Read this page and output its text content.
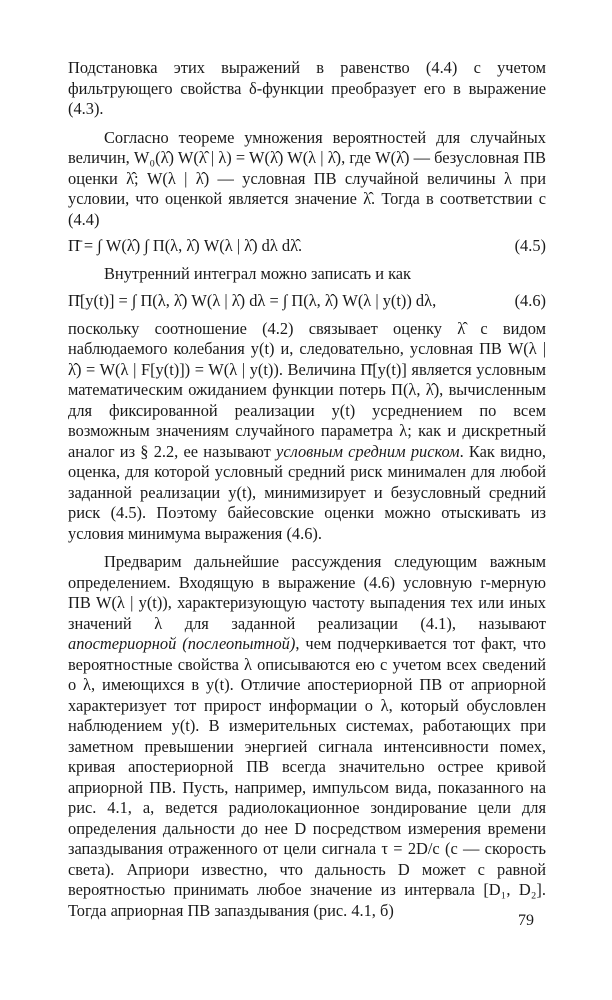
Подстановка этих выражений в равенство (4.4) с учетом фильтрующего свойства δ-функции преобразует его в выражение (4.3).

Согласно теореме умножения вероятностей для случайных величин, W₀(λ̂) W(λ̂ | λ) = W(λ̂) W(λ | λ̂), где W(λ̂) — безусловная ПВ оценки λ̂; W(λ | λ̂) — условная ПВ случайной величины λ при условии, что оценкой является значение λ̂. Тогда в соответствии с (4.4)

Π̄ = ∫ W(λ̂) ∫ Π(λ, λ̂) W(λ | λ̂) dλ dλ̂.	(4.5)

Внутренний интеграл можно записать и как

Π̄[y(t)] = ∫ Π(λ, λ̂) W(λ | λ̂) dλ = ∫ Π(λ, λ̂) W(λ | y(t)) dλ,	(4.6)

поскольку соотношение (4.2) связывает оценку λ̂ с видом наблюдаемого колебания y(t) и, следовательно, условная ПВ W(λ | λ̂) = W(λ | F[y(t)]) = W(λ | y(t)). Величина Π̄[y(t)] является условным математическим ожиданием функции потерь Π(λ, λ̂), вычисленным для фиксированной реализации y(t) усреднением по всем возможным значениям случайного параметра λ; как и дискретный аналог из § 2.2, ее называют условным средним риском. Как видно, оценка, для которой условный средний риск минимален для любой заданной реализации y(t), минимизирует и безусловный средний риск (4.5). Поэтому байесовские оценки можно отыскивать из условия минимума выражения (4.6).

Предварим дальнейшие рассуждения следующим важным определением. Входящую в выражение (4.6) условную r-мерную ПВ W(λ | y(t)), характеризующую частоту выпадения тех или иных значений λ для заданной реализации (4.1), называют апостериорной (послеопытной), чем подчеркивается тот факт, что вероятностные свойства λ описываются ею с учетом всех сведений о λ, имеющихся в y(t). Отличие апостериорной ПВ от априорной характеризует тот прирост информации о λ, который обусловлен наблюдением y(t). В измерительных системах, работающих при заметном превышении энергией сигнала интенсивности помех, кривая апостериорной ПВ всегда значительно острее кривой априорной ПВ. Пусть, например, импульсом вида, показанного на рис. 4.1, а, ведется радиолокационное зондирование цели для определения дальности до нее D посредством измерения времени запаздывания отраженного от цели сигнала τ = 2D/c (c — скорость света). Априори известно, что дальность D может с равной вероятностью принимать любое значение из интервала [D₁, D₂]. Тогда априорная ПВ запаздывания (рис. 4.1, б)

79
